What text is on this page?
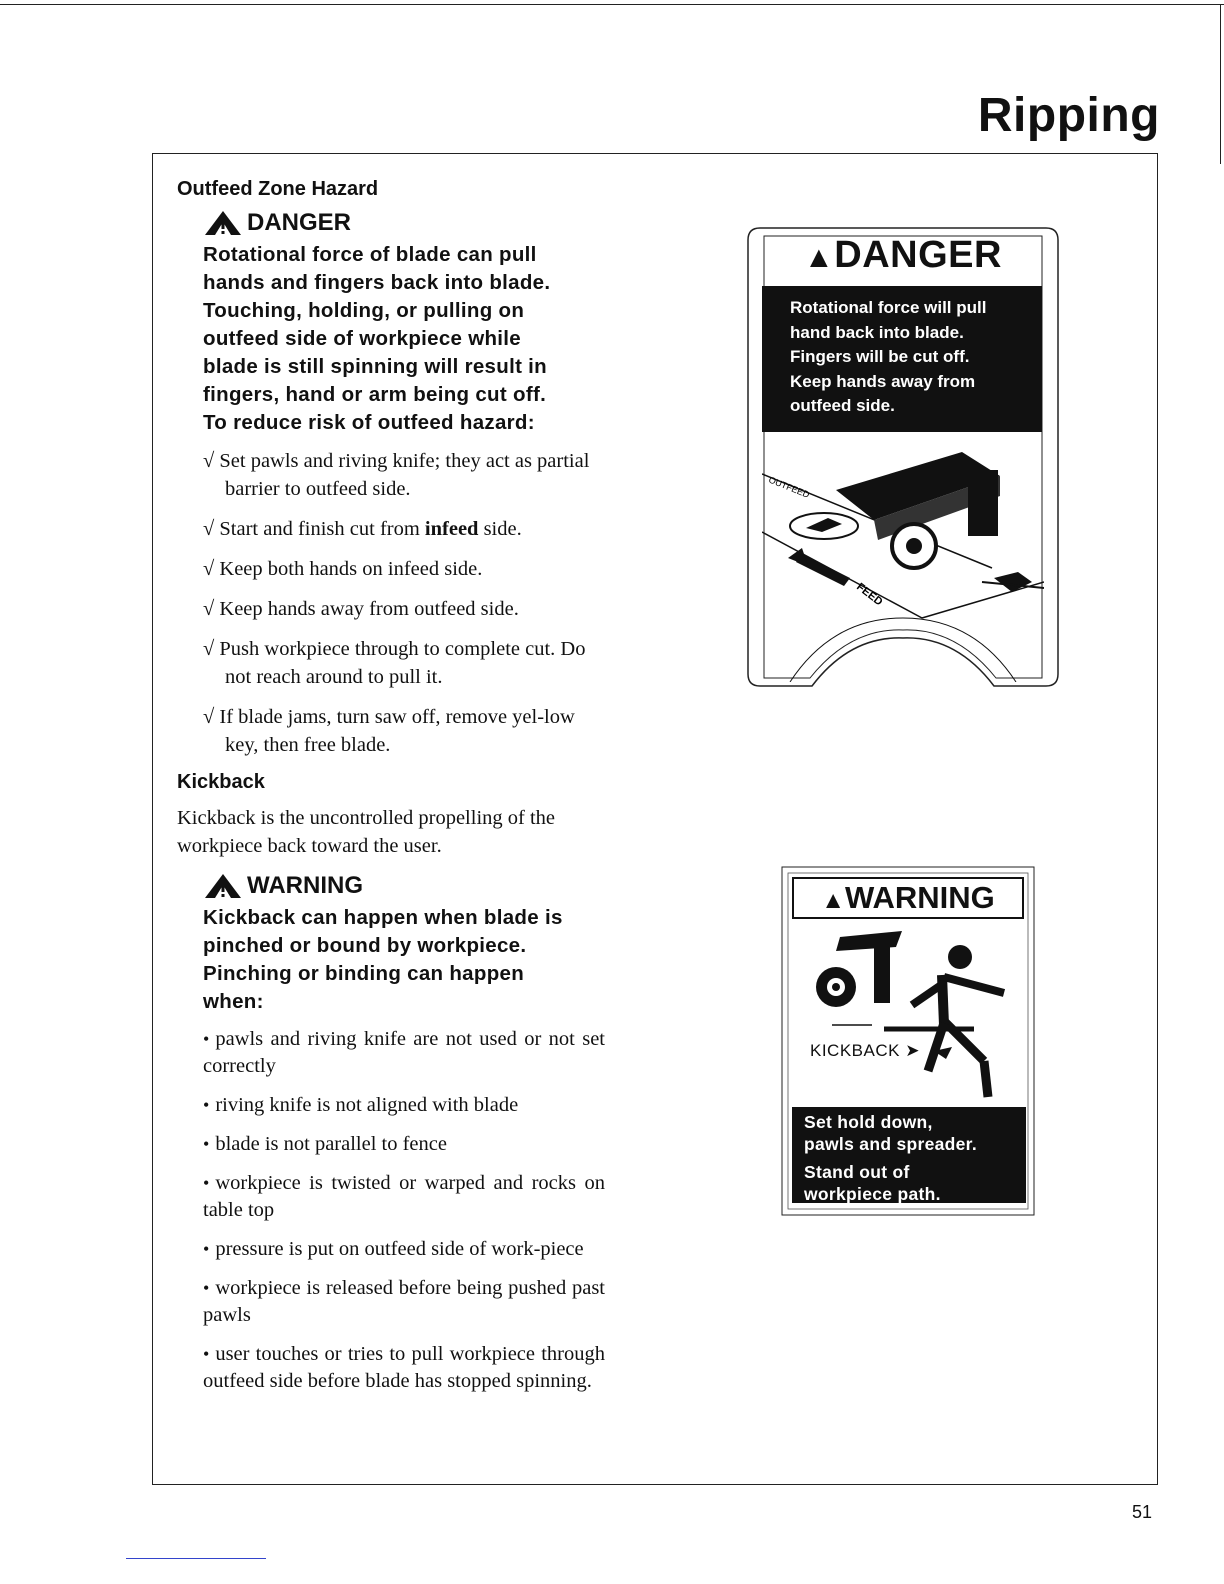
Ripping
Outfeed Zone Hazard
DANGER
Rotational force of blade can pull
hands and fingers back into blade.
Touching, holding, or pulling on
outfeed side of workpiece while
blade is still spinning will result in
fingers, hand or arm being cut off.
To reduce risk of outfeed hazard:
√ Set pawls and riving knife; they act as partial barrier to outfeed side.
√ Start and finish cut from infeed side.
√ Keep both hands on infeed side.
√ Keep hands away from outfeed side.
√ Push workpiece through to complete cut. Do not reach around to pull it.
√ If blade jams, turn saw off, remove yel-low key, then free blade.
Kickback
Kickback is the uncontrolled propelling of the workpiece back toward the user.
WARNING
Kickback can happen when blade is
pinched or bound by workpiece.
Pinching or binding can happen
when:
• pawls and riving knife are not used or not set correctly
• riving knife is not aligned with blade
• blade is not parallel to fence
• workpiece is twisted or warped and rocks on table top
• pressure is put on outfeed side of work-piece
• workpiece is released before being pushed past pawls
• user touches or tries to pull workpiece through outfeed side before blade has stopped spinning.
▲DANGER
Rotational force will pull
hand back into blade.
Fingers will be cut off.
Keep hands away from
outfeed side.
OUTFEED
FEED
▲WARNING
KICKBACK ➤
Set hold down,
pawls and spreader.
Stand out of
workpiece path.
51
